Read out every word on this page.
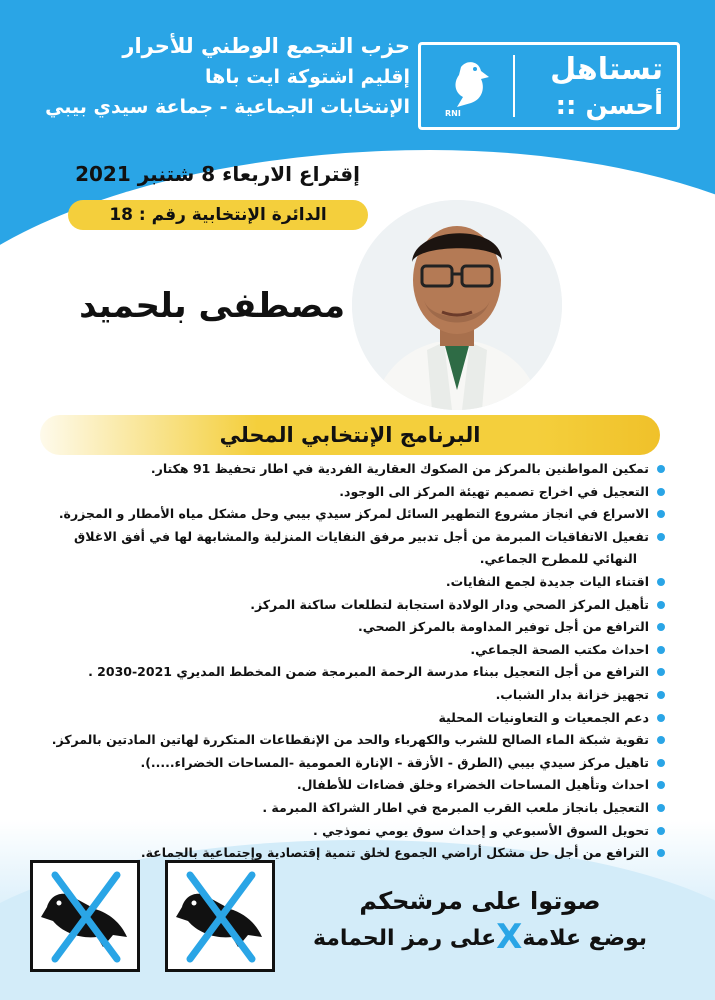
حزب التجمع الوطني للأحرار
إقليم اشتوكة ايت باها
الإنتخابات الجماعية - جماعة سيدي بيبي	RNI
تستاهل
أحسن ::
إقتراع الاربعاء 8 شتنبر 2021
الدائرة الإنتخابية رقم : 18
مصطفى بلحميد
البرنامج الإنتخابي المحلي
تمكين المواطنين بالمركز من الصكوك العقارية الفردية في اطار تحفيظ 91 هكتار.
التعجيل في اخراج تصميم تهيئة المركز الى الوجود.
الاسراع في انجاز مشروع التطهير السائل لمركز سيدي بيبي وحل مشكل مياه الأمطار و المجزرة.
تفعيل الاتفاقيات المبرمة من أجل تدبير مرفق النفايات المنزلية والمشابهة لها في أفق الاغلاق
النهائي للمطرح الجماعي.
اقتناء اليات جديدة لجمع النفايات.
تأهيل المركز الصحي ودار الولادة استجابة لتطلعات ساكنة المركز.
الترافع من أجل توفير المداومة بالمركز الصحي.
احداث مكتب الصحة الجماعي.
الترافع من أجل التعجيل ببناء مدرسة الرحمة المبرمجة ضمن المخطط المديري 2021-2030 .
تجهيز خزانة بدار الشباب.
دعم الجمعيات و التعاونيات المحلية
تقوية شبكة الماء الصالح للشرب والكهرباء والحد من الإنقطاعات المتكررة لهاتين المادتين بالمركز.
تاهيل مركز سيدي بيبي (الطرق - الأزقة - الإنارة العمومية -المساحات الخضراء.....).
احداث وتأهيل المساحات الخضراء وخلق فضاءات للأطفال.
التعجيل بانجاز ملعب القرب المبرمج في اطار الشراكة المبرمة .
تحويل السوق الأسبوعي و إحداث سوق يومي نموذجي .
الترافع من أجل حل مشكل أراضي الجموع لخلق تنمية إقتصادية وإجتماعية بالجماعة.
صوتوا على مرشحكم
بوضع علامةXعلى رمز الحمامة
